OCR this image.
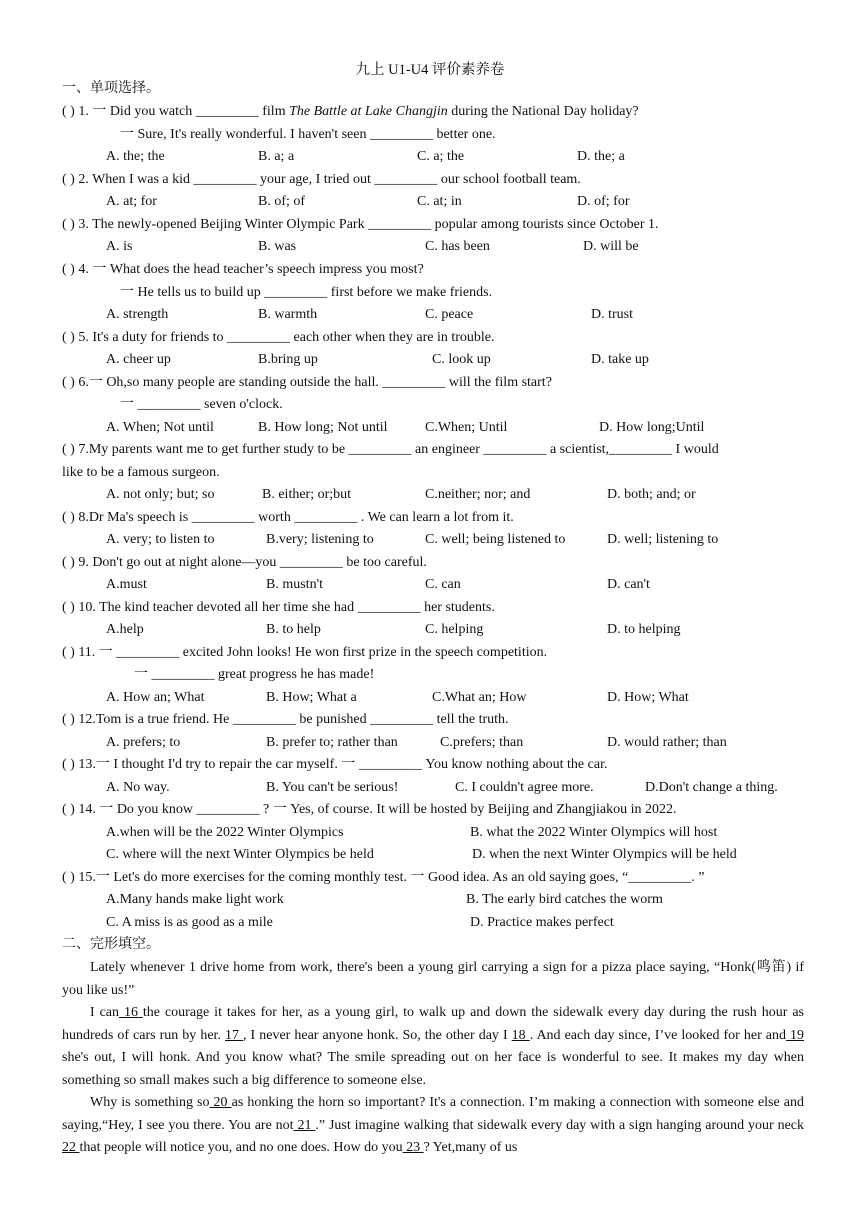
九上 U1-U4 评价素养卷
一、单项选择。
( ) 1. 一 Did you watch _________ film The Battle at Lake Changjin during the National Day holiday?
一 Sure, It's really wonderful. I haven't seen _________ better one.
A. the; the	B. a; a	C. a; the	D. the; a
( ) 2. When I was a kid _________ your age, I tried out _________ our school football team.
A. at; for	B. of; of	C. at; in	D. of; for
( ) 3. The newly-opened Beijing Winter Olympic Park _________ popular among tourists since October 1.
A. is	B. was	C. has been	D. will be
( ) 4. 一 What does the head teacher’s speech impress you most?
一 He tells us to build up _________ first before we make friends.
A. strength	B. warmth	C. peace	D. trust
( ) 5. It's a duty for friends to _________ each other when they are in trouble.
A. cheer up	B.bring up	C. look up	D. take up
( ) 6.一 Oh,so many people are standing outside the hall. _________ will the film start?
一 _________ seven o'clock.
A. When; Not until	B. How long; Not until	C.When; Until	D. How long;Until
( ) 7.My parents want me to get further study to be _________ an engineer _________ a scientist,_________ I would
like to be a famous surgeon.
A. not only; but; so	B. either; or;but	C.neither; nor; and	D. both; and; or
( ) 8.Dr Ma's speech is _________ worth _________ . We can learn a lot from it.
A. very; to listen to	B.very; listening to	C. well; being listened to	D. well; listening to
( ) 9. Don't go out at night alone—you _________ be too careful.
A.must	B. mustn't	C. can	D. can't
( ) 10. The kind teacher devoted all her time she had _________ her students.
A.help	B. to help	C. helping	D. to helping
( ) 11. 一 _________ excited John looks! He won first prize in the speech competition.
一 _________ great progress he has made!
A. How an; What	B. How; What a	C.What an; How	D. How; What
( ) 12.Tom is a true friend. He _________ be punished _________ tell the truth.
A. prefers; to	B. prefer to; rather than	C.prefers; than	D. would rather; than
( ) 13.一 I thought I'd try to repair the car myself. 一 _________ You know nothing about the car.
A. No way.	B. You can't be serious!	C. I couldn't agree more.	D.Don't change a thing.
( ) 14. 一 Do you know _________ ? 一 Yes, of course. It will be hosted by Beijing and Zhangjiakou in 2022.
A.when will be the 2022 Winter Olympics	B. what the 2022 Winter Olympics will host
C. where will the next Winter Olympics be held	D. when the next Winter Olympics will be held
( ) 15.一 Let's do more exercises for the coming monthly test. 一 Good idea. As an old saying goes, “_________. ”
A.Many hands make light work	B. The early bird catches the worm
C. A miss is as good as a mile	D. Practice makes perfect
二、完形填空。

Lately whenever 1 drive home from work, there's been a young girl carrying a sign for a pizza place saying, “Honk(鸣笛) if you like us!”

I can 16 the courage it takes for her, as a young girl, to walk up and down the sidewalk every day during the rush hour as hundreds of cars run by her. 17 , I never hear anyone honk. So, the other day I 18 . And each day since, I’ve looked for her and 19 she's out, I will honk. And you know what? The smile spreading out on her face is wonderful to see. It makes my day when something so small makes such a big difference to someone else.

Why is something so 20 as honking the horn so important? It's a connection. I’m making a connection with someone else and saying,“Hey, I see you there. You are not 21 .” Just imagine walking that sidewalk every day with a sign hanging around your neck 22 that people will notice you, and no one does. How do you 23 ? Yet,many of us
